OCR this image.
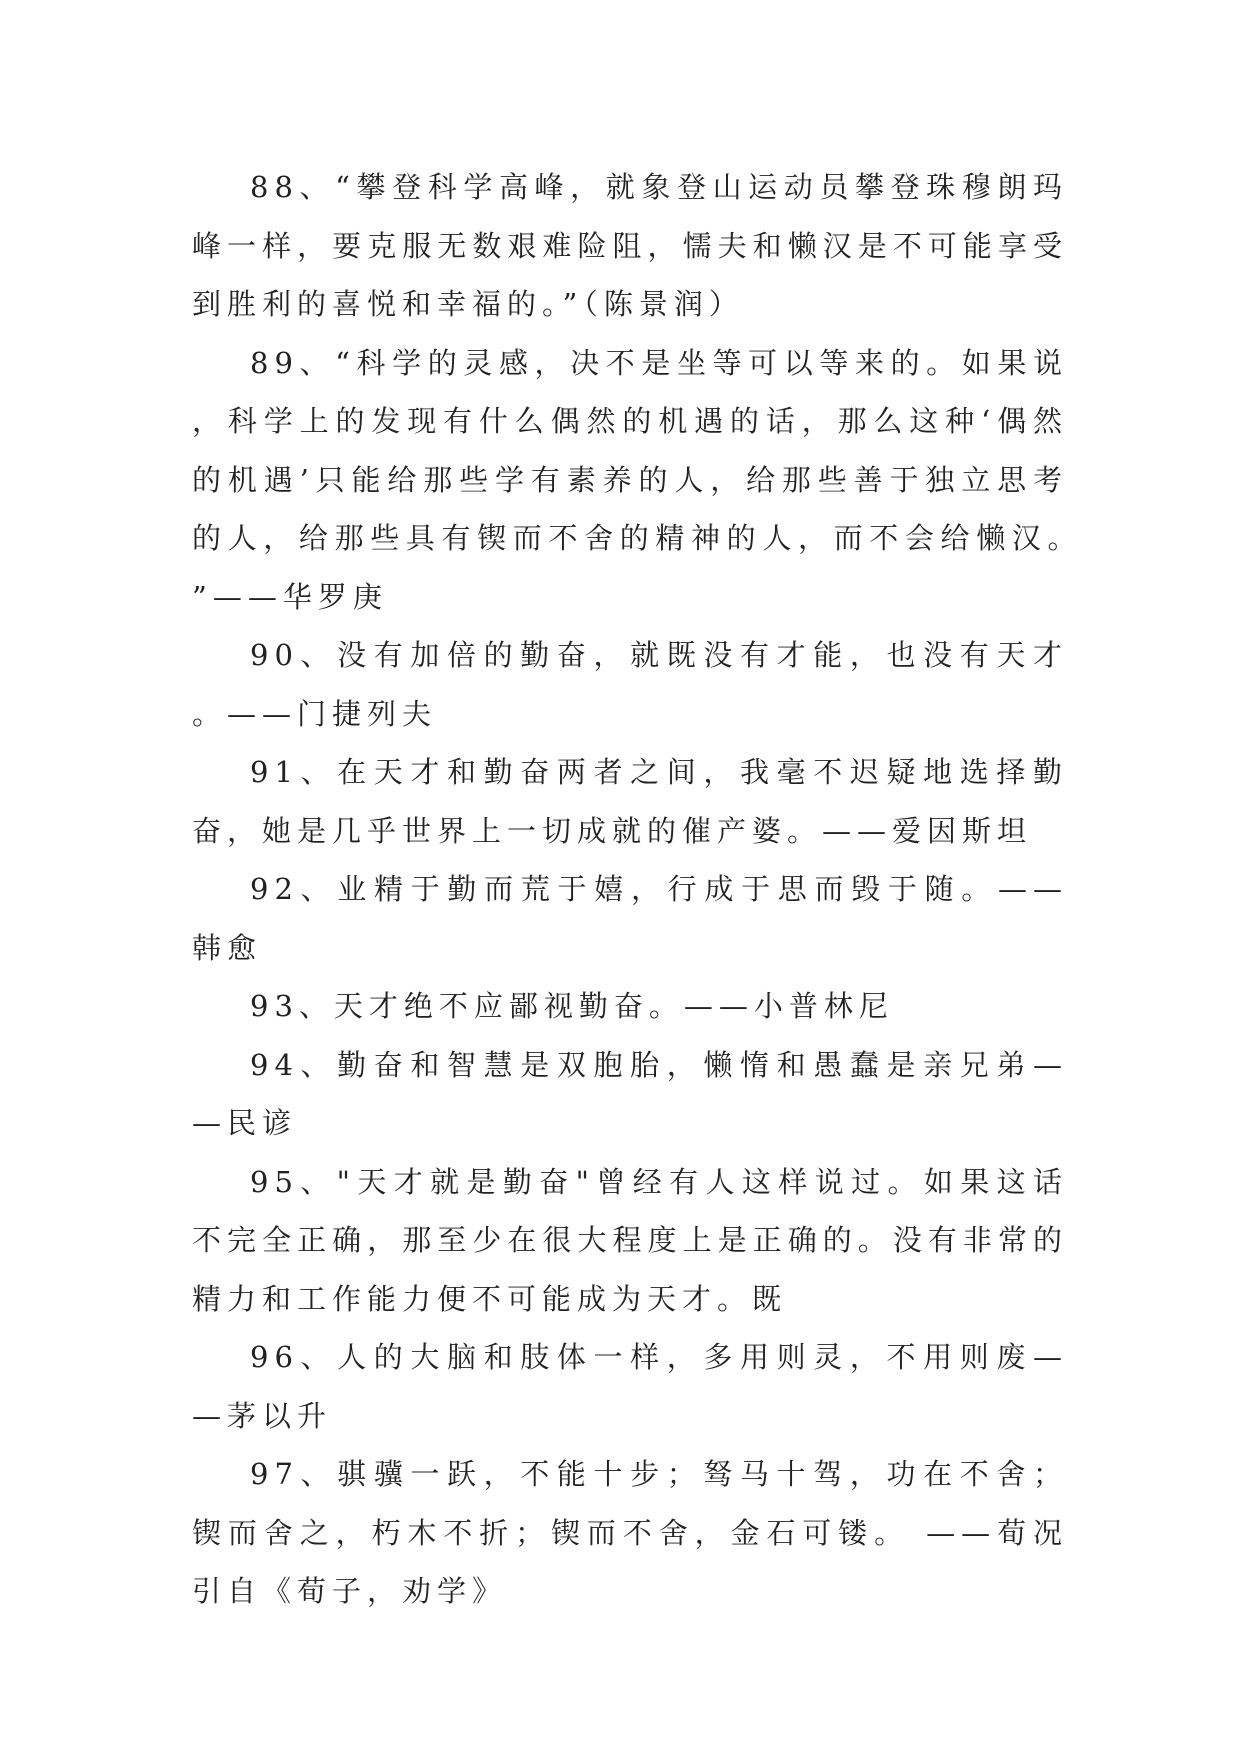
88、“攀登科学高峰，就象登山运动员攀登珠穆朗玛峰一样，要克服无数艰难险阻，懦夫和懒汉是不可能享受到胜利的喜悦和幸福的。”（陈景润）

89、“科学的灵感，决不是坐等可以等来的。如果说，科学上的发现有什么偶然的机遇的话，那么这种‘偶然的机遇’只能给那些学有素养的人，给那些善于独立思考的人，给那些具有锲而不舍的精神的人，而不会给懒汉。”——华罗庚

90、没有加倍的勤奋，就既没有才能，也没有天才。——门捷列夫

91、在天才和勤奋两者之间，我毫不迟疑地选择勤奋，她是几乎世界上一切成就的催产婆。——爱因斯坦

92、业精于勤而荒于嬉，行成于思而毁于随。——韩愈

93、天才绝不应鄙视勤奋。——小普林尼

94、勤奋和智慧是双胞胎，懒惰和愚蠢是亲兄弟——民谚

95、"天才就是勤奋"曾经有人这样说过。如果这话不完全正确，那至少在很大程度上是正确的。没有非常的精力和工作能力便不可能成为天才。既

96、人的大脑和肢体一样，多用则灵，不用则废——茅以升

97、骐骥一跃，不能十步；驽马十驾，功在不舍；锲而舍之，朽木不折；锲而不舍，金石可镂。 ——荀况引自《荀子，劝学》
